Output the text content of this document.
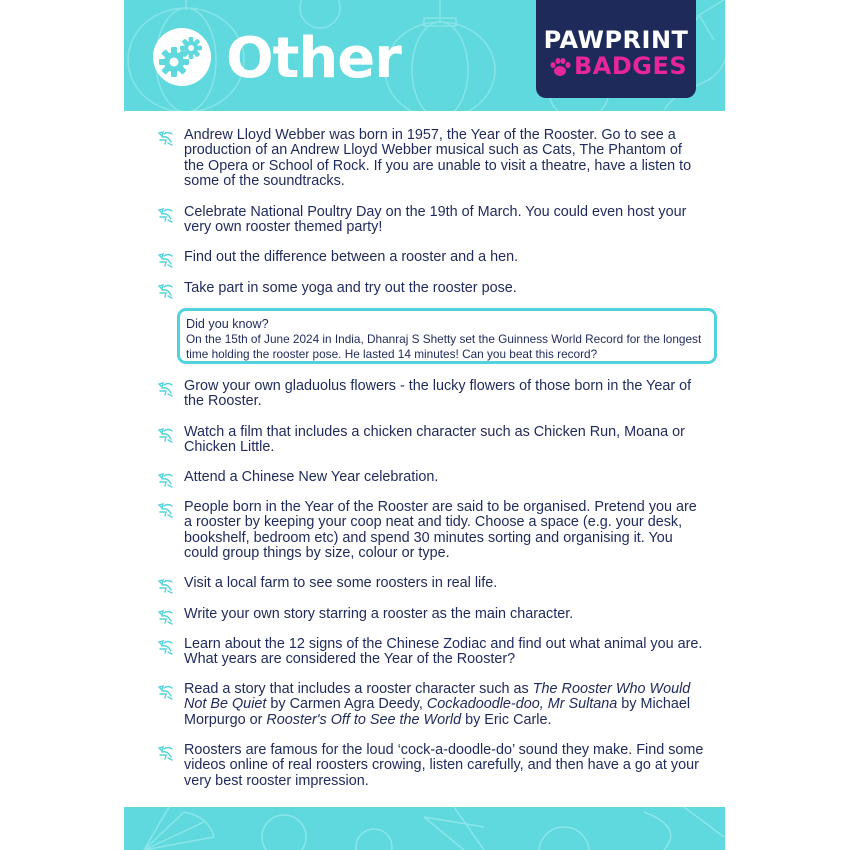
Other	PAWPRINT
BADGES
Andrew Lloyd Webber was born in 1957, the Year of the Rooster. Go to see a production of an Andrew Lloyd Webber musical such as Cats, The Phantom of the Opera or School of Rock. If you are unable to visit a theatre, have a listen to some of the soundtracks.
Celebrate National Poultry Day on the 19th of March. You could even host your very own rooster themed party!
Find out the difference between a rooster and a hen.
Take part in some yoga and try out the rooster pose.
Grow your own gladuolus flowers - the lucky flowers of those born in the Year of the Rooster.
Watch a film that includes a chicken character such as Chicken Run, Moana or Chicken Little.
Attend a Chinese New Year celebration.
People born in the Year of the Rooster are said to be organised. Pretend you are a rooster by keeping your coop neat and tidy. Choose a space (e.g. your desk, bookshelf, bedroom etc) and spend 30 minutes sorting and organising it. You could group things by size, colour or type.
Visit a local farm to see some roosters in real life.
Write your own story starring a rooster as the main character.
Learn about the 12 signs of the Chinese Zodiac and find out what animal you are. What years are considered the Year of the Rooster?
Read a story that includes a rooster character such as The Rooster Who Would Not Be Quiet by Carmen Agra Deedy, Cockadoodle-doo, Mr Sultana by Michael Morpurgo or Rooster's Off to See the World by Eric Carle.
Roosters are famous for the loud ‘cock-a-doodle-do’ sound they make. Find some videos online of real roosters crowing, listen carefully, and then have a go at your very best rooster impression.
Did you know?
On the 15th of June 2024 in India, Dhanraj S Shetty set the Guinness World Record for the longest time holding the rooster pose. He lasted 14 minutes! Can you beat this record?
